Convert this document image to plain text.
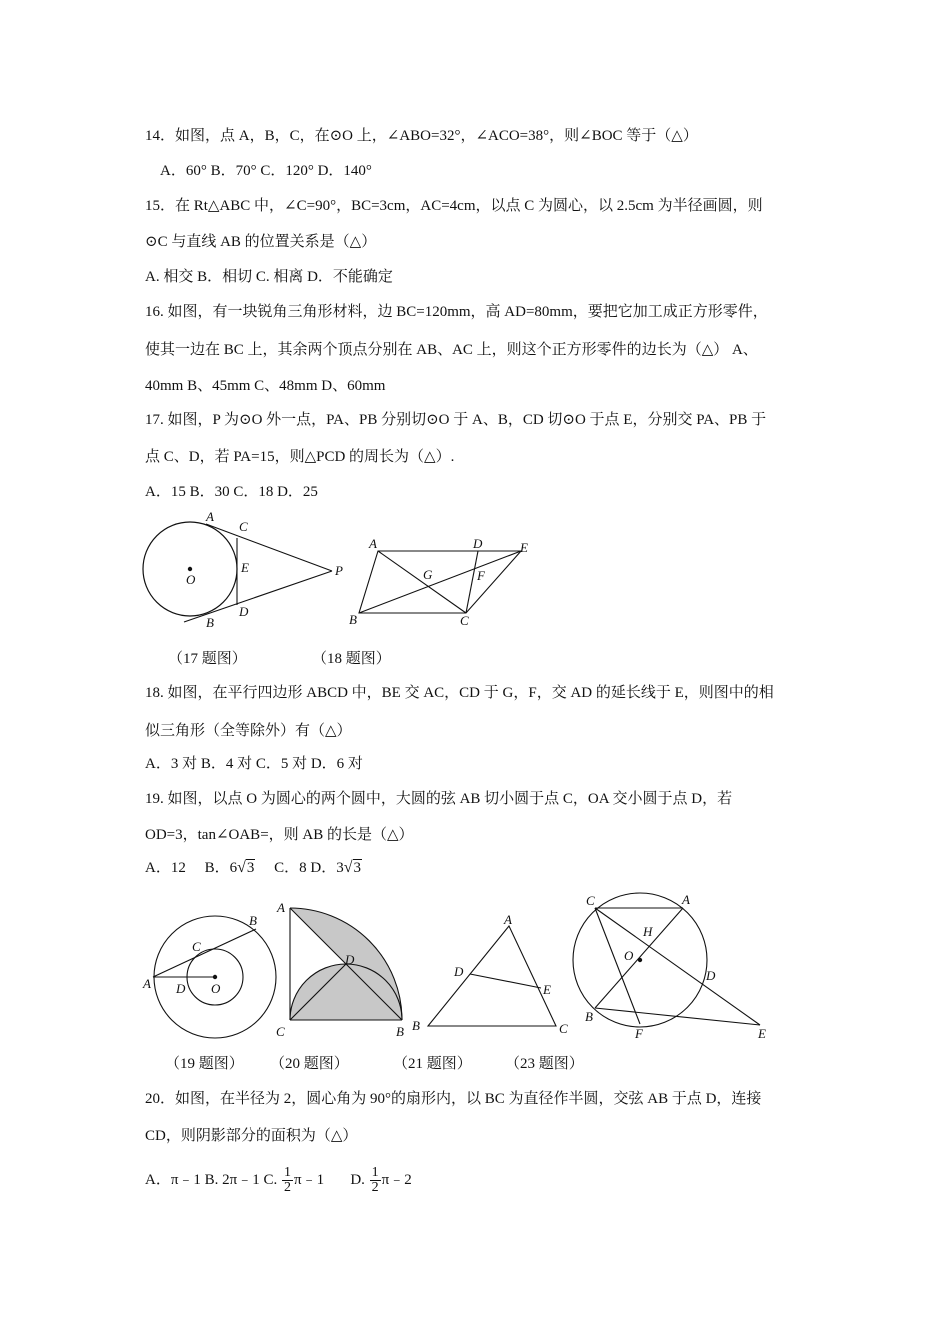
14．如图，点 A，B，C，在⊙O 上，∠ABO=32°，∠ACO=38°，则∠BOC 等于（△）
A．60° B．70° C．120° D．140°
15．在 Rt△ABC 中，∠C=90°，BC=3cm，AC=4cm，以点 C 为圆心，以 2.5cm 为半径画圆，则
⊙C 与直线 AB 的位置关系是（△）
A. 相交 B．相切 C. 相离 D．不能确定
16. 如图，有一块锐角三角形材料，边 BC=120mm，高 AD=80mm，要把它加工成正方形零件，
使其一边在 BC 上，其余两个顶点分别在 AB、AC 上，则这个正方形零件的边长为（△） A、
40mm B、45mm C、48mm D、60mm
17. 如图，P 为⊙O 外一点，PA、PB 分别切⊙O 于 A、B，CD 切⊙O 于点 E，分别交 PA、PB 于
点 C、D，若 PA=15，则△PCD 的周长为（△）.
A．15 B．30 C．18 D．25
A
C
O
E	P
D
B
A	D	E
G	F
B	C
（17 题图）	（18 题图）
18. 如图，在平行四边形 ABCD 中，BE 交 AC，CD 于 G，F，交 AD 的延长线于 E，则图中的相
似三角形（全等除外）有（△）
A．3 对 B．4 对 C．5 对 D．6 对
19. 如图，以点 O 为圆心的两个圆中，大圆的弦 AB 切小圆于点 C，OA 交小圆于点 D，若
OD=3，tan∠OAB=，则 AB 的长是（△）
A．12 B．6√3 C．8 D．3√3
B
C
A D O
A
D
C	B
A
D
E
B	C
C	A
H
O
D
B
F	E
（19 题图） （20 题图）	（21 题图） （23 题图）
20．如图，在半径为 2，圆心角为 90°的扇形内，以 BC 为直径作半圆，交弦 AB 于点 D，连接
CD，则阴影部分的面积为（△）
A．π﹣1 B. 2π﹣1 C. $\frac{1}{2}$ π﹣1 D. $\frac{1}{2}$ π﹣2
